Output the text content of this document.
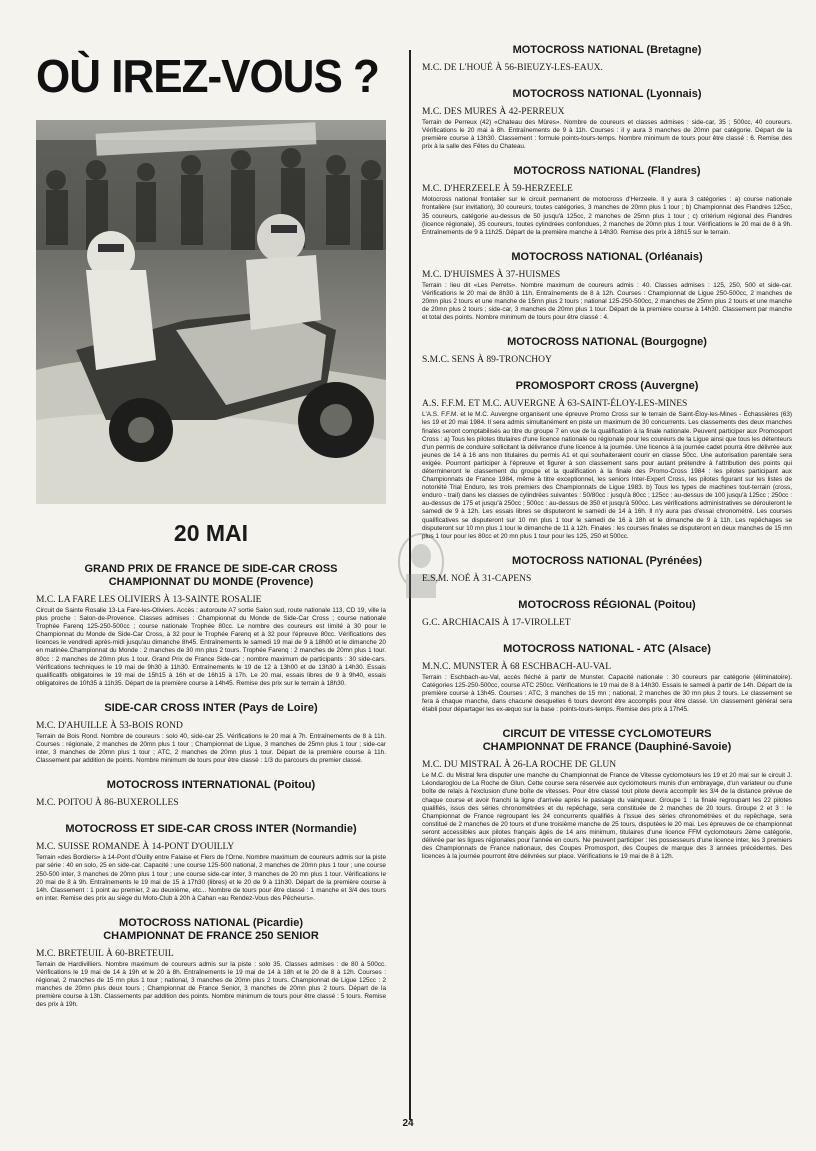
OÙ IREZ-VOUS ?
20 MAI
GRAND PRIX DE FRANCE DE SIDE-CAR CROSS
CHAMPIONNAT DU MONDE (Provence)
M.C. LA FARE LES OLIVIERS À 13-SAINTE ROSALIE
Circuit de Sainte Rosalie 13-La Fare-les-Oliviers. Accès : autoroute A7 sortie Salon sud, route nationale 113, CD 19, ville la plus proche : Salon-de-Provence. Classes admises : Championnat du Monde de Side-Car Cross ; course nationale Trophée Farenq 125-250-500cc ; course nationale Trophée 80cc. Le nombre des coureurs est limité à 30 pour le Championnat du Monde de Side-Car Cross, à 32 pour le Trophée Farenq et à 32 pour l'épreuve 80cc. Vérifications des licences le vendredi après-midi jusqu'au dimanche 8h45. Entraînements le samedi 19 mai de 9 à 18h00 et le dimanche 20 en matinée.Championnat du Monde : 2 manches de 30 mn plus 2 tours. Trophée Farenq : 2 manches de 20mn plus 1 tour. 80cc : 2 manches de 20mn plus 1 tour. Grand Prix de France Side-car : nombre maximum de participants : 30 side-cars. Vérifications techniques le 19 mai de 9h30 à 11h30. Entraînements le 19 de 12 à 13h00 et de 13h30 à 14h30. Essais qualificatifs obligatoires le 19 mai de 15h15 à 16h et de 16h15 à 17h. Le 20 mai, essais libres de 9 à 9h40, essais obligatoires de 10h35 à 11h35. Départ de la première course à 14h45. Remise des prix sur le terrain à 18h30.
SIDE-CAR CROSS INTER (Pays de Loire)
M.C. D'AHUILLE À 53-BOIS ROND
Terrain de Bois Rond. Nombre de coureurs : solo 40, side-car 25. Vérifications le 20 mai à 7h. Entraînements de 8 à 11h. Courses : régionale, 2 manches de 20mn plus 1 tour ; Championnat de Ligue, 3 manches de 25mn plus 1 tour ; side-car inter, 3 manches de 20mn plus 1 tour ; ATC, 2 manches de 20mn plus 1 tour. Départ de la première course à 11h. Classement par addition de points. Nombre minimum de tours pour être classé : 1/3 du parcours du premier classé.
MOTOCROSS INTERNATIONAL (Poitou)
M.C. POITOU À 86-BUXEROLLES
MOTOCROSS ET SIDE-CAR CROSS INTER (Normandie)
M.C. SUISSE ROMANDE À 14-PONT D'OUILLY
Terrain «des Bordiers» à 14-Pont d'Ouilly entre Falaise et Flers de l'Orne. Nombre maximum de coureurs admis sur la piste par série : 40 en solo, 25 en side-car. Capacité : une course 125-500 national, 2 manches de 20mn plus 1 tour ; une course 250-500 inter, 3 manches de 20mn plus 1 tour ; une course side-car inter, 3 manches de 20 mn plus 1 tour. Vérifications le 20 mai de 8 à 9h. Entraînements le 19 mai de 15 à 17h30 (libres) et le 20 de 9 à 11h30. Départ de la première course à 14h. Classement : 1 point au premier, 2 au deuxième, etc... Nombre de tours pour être classé : 1 manche et 3/4 des tours en inter. Remise des prix au siège du Moto-Club à 20h à Cahan «au Rendez-Vous des Pêcheurs».
MOTOCROSS NATIONAL (Picardie)
CHAMPIONNAT DE FRANCE 250 SENIOR
M.C. BRETEUIL À 60-BRETEUIL
Terrain de Hardivilliers. Nombre maximum de coureurs admis sur la piste : solo 35. Classes admises : de 80 à 500cc. Vérifications le 19 mai de 14 à 19h et le 20 à 8h. Entraînements le 19 mai de 14 à 18h et le 20 de 8 à 12h. Courses : régional, 2 manches de 15 mn plus 1 tour ; national, 3 manches de 20mn plus 2 tours. Championnat de Ligue 125cc : 2 manches de 20mn plus deux tours ; Championnat de France Senior, 3 manches de 20mn plus 2 tours. Départ de la première course à 13h. Classements par addition des points. Nombre minimum de tours pour être classé : 5 tours. Remise des prix à 19h.
MOTOCROSS NATIONAL (Bretagne)
M.C. DE L'HOUÉ À 56-BIEUZY-LES-EAUX.
MOTOCROSS NATIONAL (Lyonnais)
M.C. DES MURES À 42-PERREUX
Terrain de Perreux (42) «Chateau des Mûres». Nombre de coureurs et classes admises : side-car, 35 ; 500cc, 40 coureurs. Vérifications le 20 mai à 8h. Entraînements de 9 à 11h. Courses : il y aura 3 manches de 20mn par catégorie. Départ de la première course à 13h30. Classement : formule points-tours-temps. Nombre minimum de tours pour être classé : 6. Remise des prix à la salle des Fêtes du Chateau.
MOTOCROSS NATIONAL (Flandres)
M.C. D'HERZEELE À 59-HERZEELE
Motocross national frontalier sur le circuit permanent de motocross d'Herzeele. Il y aura 3 catégories : a) course nationale frontalière (sur invitation), 30 coureurs, toutes catégories, 3 manches de 20mn plus 1 tour ; b) Championnat des Flandres 125cc, 35 coureurs, catégorie au-dessus de 50 jusqu'à 125cc, 2 manches de 25mn plus 1 tour ; c) critérium régional des Flandres (licence régionale), 35 coureurs, toutes cylindrées confondues, 2 manches de 20mn plus 1 tour. Vérifications le 20 mai de 8 à 9h. Entraînements de 9 à 11h25. Départ de la première manche à 14h30. Remise des prix à 18h15 sur le terrain.
MOTOCROSS NATIONAL (Orléanais)
M.C. D'HUISMES À 37-HUISMES
Terrain : lieu dit «Les Perrets». Nombre maximum de coureurs admis : 40. Classes admises : 125, 250, 500 et side-car. Vérifications le 20 mai de 8h30 à 11h. Entraînements de 8 à 12h. Courses : Championnat de Ligue 250-500cc, 2 manches de 20mn plus 2 tours et une manche de 15mn plus 2 tours ; national 125-250-500cc, 2 manches de 25mn plus 2 tours et une manche de 20mn plus 2 tours ; side-car, 3 manches de 20mn plus 1 tour. Départ de la première course à 14h30. Classement par manche et total des points. Nombre minimum de tours pour être classé : 4.
MOTOCROSS NATIONAL (Bourgogne)
S.M.C. SENS À 89-TRONCHOY
PROMOSPORT CROSS (Auvergne)
A.S. F.F.M. ET M.C. AUVERGNE À 63-SAINT-ÉLOY-LES-MINES
L'A.S. F.F.M. et le M.C. Auvergne organisent une épreuve Promo Cross sur le terrain de Saint-Éloy-les-Mines - Échassières (63) les 19 et 20 mai 1984. Il sera admis simultanément en piste un maximum de 30 concurrents. Les classements des deux manches finales seront comptabilisés au titre du groupe 7 en vue de la qualification à la finale nationale. Peuvent participer aux Promosport Cross : a) Tous les pilotes titulaires d'une licence nationale ou régionale pour les coureurs de la Ligue ainsi que tous les détenteurs d'un permis de conduire sollicitant la délivrance d'une licence à la journée. Une licence à la journée cadet pourra être délivrée aux jeunes de 14 à 16 ans non titulaires du permis A1 et qui souhaiteraient courir en classe 50cc. Une autorisation parentale sera exigée. Pourront participer à l'épreuve et figurer à son classement sans pour autant prétendre à l'attribution des points qui détermineront le classement du groupe et la qualification à la finale des Promo-Cross 1984 : les pilotes participant aux Championnats de France 1984, même à titre exceptionnel, les seniors Inter-Expert Cross, les pilotes figurant sur les listes de notoriété Trial Enduro, les trois premiers des Championnats de Ligue 1983. b) Tous les types de machines tout-terrain (cross, enduro - trail) dans les classes de cylindrées suivantes : 50/80cc : jusqu'à 80cc ; 125cc : au-dessus de 100 jusqu'à 125cc ; 250cc : au-dessus de 175 et jusqu'à 250cc ; 500cc : au-dessus de 350 et jusqu'à 500cc. Les vérifications administratives se dérouleront le samedi de 9 à 12h. Les essais libres se disputeront le samedi de 14 à 16h. Il n'y aura pas d'essai chronométré. Les courses qualificatives se disputeront sur 10 mn plus 1 tour le samedi de 16 à 18h et le dimanche de 9 à 11h. Les repêchages se disputeront sur 10 mn plus 1 tour le dimanche de 11 à 12h. Finales : les courses finales se disputeront en deux manches de 15 mn plus 1 tour pour les 80cc et 20 mn plus 1 tour pour les 125, 250 et 500cc.
MOTOCROSS NATIONAL (Pyrénées)
E.S.M. NOÉ À 31-CAPENS
MOTOCROSS RÉGIONAL (Poitou)
G.C. ARCHIACAIS À 17-VIROLLET
MOTOCROSS NATIONAL - ATC (Alsace)
M.N.C. MUNSTER À 68 ESCHBACH-AU-VAL
Terrain : Eschbach-au-Val, accès fléché à partir de Munster. Capacité nationale : 30 coureurs par catégorie (éliminatoire). Catégories 125-250-500cc, course ATC 250cc. Vérifications le 19 mai de 8 à 14h30. Essais le samedi à partir de 14h. Départ de la première course à 13h45. Courses : ATC, 3 manches de 15 mn ; national, 2 manches de 30 mn plus 2 tours. Le classement se fera à chaque manche, dans chacune desquelles 6 tours devront être accomplis pour être classé. Un classement général sera établi pour départager les ex-æquo sur la base : points-tours-temps. Remise des prix à 17h45.
CIRCUIT DE VITESSE CYCLOMOTEURS
CHAMPIONNAT DE FRANCE (Dauphiné-Savoie)
M.C. DU MISTRAL À 26-LA ROCHE DE GLUN
Le M.C. du Mistral fera disputer une manche du Championnat de France de Vitesse cyclomoteurs les 19 et 20 mai sur le circuit J. Léondaroglou de La Roche de Glun. Cette course sera réservée aux cyclomoteurs munis d'un embrayage, d'un variateur ou d'une boîte de relais à l'exclusion d'une boîte de vitesses. Pour être classé tout pilote devra accomplir les 3/4 de la distance prévue de chaque course et avoir franchi la ligne d'arrivée après le passage du vainqueur. Groupe 1 : la finale regroupant les 22 pilotes qualifiés, issus des séries chronométrées et du repêchage, sera constituée de 2 manches de 20 tours. Groupe 2 et 3 : le Championnat de France regroupant les 24 concurrents qualifiés à l'issue des séries chronométrées et du repêchage, sera constitué de 2 manches de 20 tours et d'une troisième manche de 25 tours, disputées le 20 mai. Les épreuves de ce championnat seront accessibles aux pilotes français âgés de 14 ans minimum, titulaires d'une licence FFM cyclomoteurs 2ème catégorie, délivrée par les ligues régionales pour l'année en cours. Ne peuvent participer : les possesseurs d'une licence inter, les 3 premiers des Championnats de France nationaux, des Coupes Promosport, des Coupes de marque des 3 années précédentes. Des licences à la journée pourront être délivrées sur place. Vérifications le 19 mai de 8 à 12h.
24
